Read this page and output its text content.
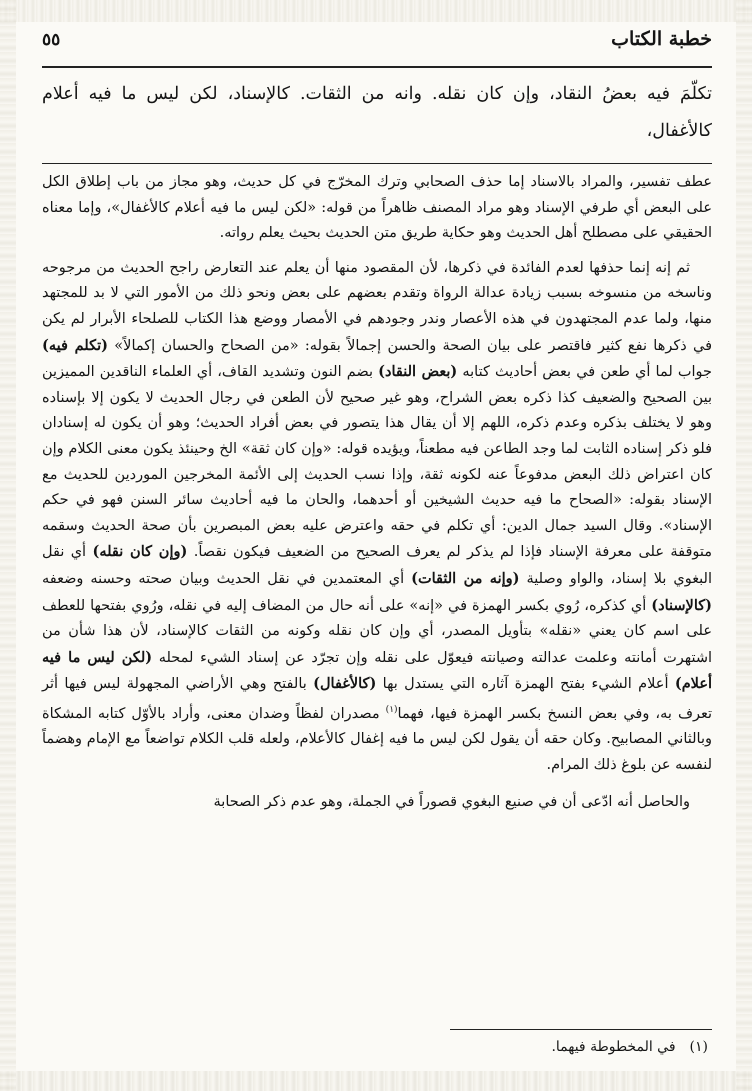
خطبة الكتاب
٥٥

تكلّمَ فيه بعضُ النقاد، وإن كان نقله. وانه من الثقات. كالإسناد، لكن ليس ما فيه أعلام كالأغفال،

عطف تفسير، والمراد بالاسناد إما حذف الصحابي وترك المخرّج في كل حديث، وهو مجاز من باب إطلاق الكل على البعض أي طرفي الإسناد وهو مراد المصنف ظاهراً من قوله: «لكن ليس ما فيه أعلام كالأغفال»، وإما معناه الحقيقي على مصطلح أهل الحديث وهو حكاية طريق متن الحديث بحيث يعلم رواته.

ثم إنه إنما حذفها لعدم الفائدة في ذكرها، لأن المقصود منها أن يعلم عند التعارض راجح الحديث من مرجوحه وناسخه من منسوخه بسبب زيادة عدالة الرواة وتقدم بعضهم على بعض ونحو ذلك من الأمور التي لا بد للمجتهد منها، ولما عدم المجتهدون في هذه الأعصار وندر وجودهم في الأمصار ووضع هذا الكتاب للصلحاء الأبرار لم يكن في ذكرها نفع كثير فاقتصر على بيان الصحة والحسن إجمالاً بقوله: «من الصحاح والحسان إكمالاً» (تكلم فيه) جواب لما أي طعن في بعض أحاديث كتابه (بعض النقاد) بضم النون وتشديد القاف، أي العلماء الناقدين المميزين بين الصحيح والضعيف كذا ذكره بعض الشراح، وهو غير صحيح لأن الطعن في رجال الحديث لا يكون إلا بإسناده وهو لا يختلف بذكره وعدم ذكره، اللهم إلا أن يقال هذا يتصور في بعض أفراد الحديث؛ وهو أن يكون له إسنادان فلو ذكر إسناده الثابت لما وجد الطاعن فيه مطعناً، ويؤيده قوله: «وإن كان ثقة» الخ وحينئذ يكون معنى الكلام وإن كان اعتراض ذلك البعض مدفوعاً عنه لكونه ثقة، وإذا نسب الحديث إلى الأئمة المخرجين الموردين للحديث مع الإسناد بقوله: «الصحاح ما فيه حديث الشيخين أو أحدهما، والحان ما فيه أحاديث سائر السنن فهو في حكم الإسناد». وقال السيد جمال الدين: أي تكلم في حقه واعترض عليه بعض المبصرين بأن صحة الحديث وسقمه متوقفة على معرفة الإسناد فإذا لم يذكر لم يعرف الصحيح من الضعيف فيكون نقصاً. (وإن كان نقله) أي نقل البغوي بلا إسناد، والواو وصلية (وإنه من الثقات) أي المعتمدين في نقل الحديث وبيان صحته وحسنه وضعفه (كالإسناد) أي كذكره، رُوي بكسر الهمزة في «إنه» على أنه حال من المضاف إليه في نقله، ورُوي بفتحها للعطف على اسم كان يعني «نقله» بتأويل المصدر، أي وإن كان نقله وكونه من الثقات كالإسناد، لأن هذا شأن من اشتهرت أمانته وعلمت عدالته وصيانته فيعوّل على نقله وإن تجرّد عن إسناد الشيء لمحله (لكن ليس ما فيه أعلام) أعلام الشيء بفتح الهمزة آثاره التي يستدل بها (كالأغفال) بالفتح وهي الأراضي المجهولة ليس فيها أثر تعرف به، وفي بعض النسخ بكسر الهمزة فيها، فهما$^{(١)}$ مصدران لفظاً وضدان معنى، وأراد بالأوّل كتابه المشكاة وبالثاني المصابيح. وكان حقه أن يقول لكن ليس ما فيه إغفال كالأعلام، ولعله قلب الكلام تواضعاً مع الإمام وهضماً لنفسه عن بلوغ ذلك المرام.

والحاصل أنه ادّعى أن في صنيع البغوي قصوراً في الجملة، وهو عدم ذكر الصحابة

(١)في المخطوطة فيهما.
